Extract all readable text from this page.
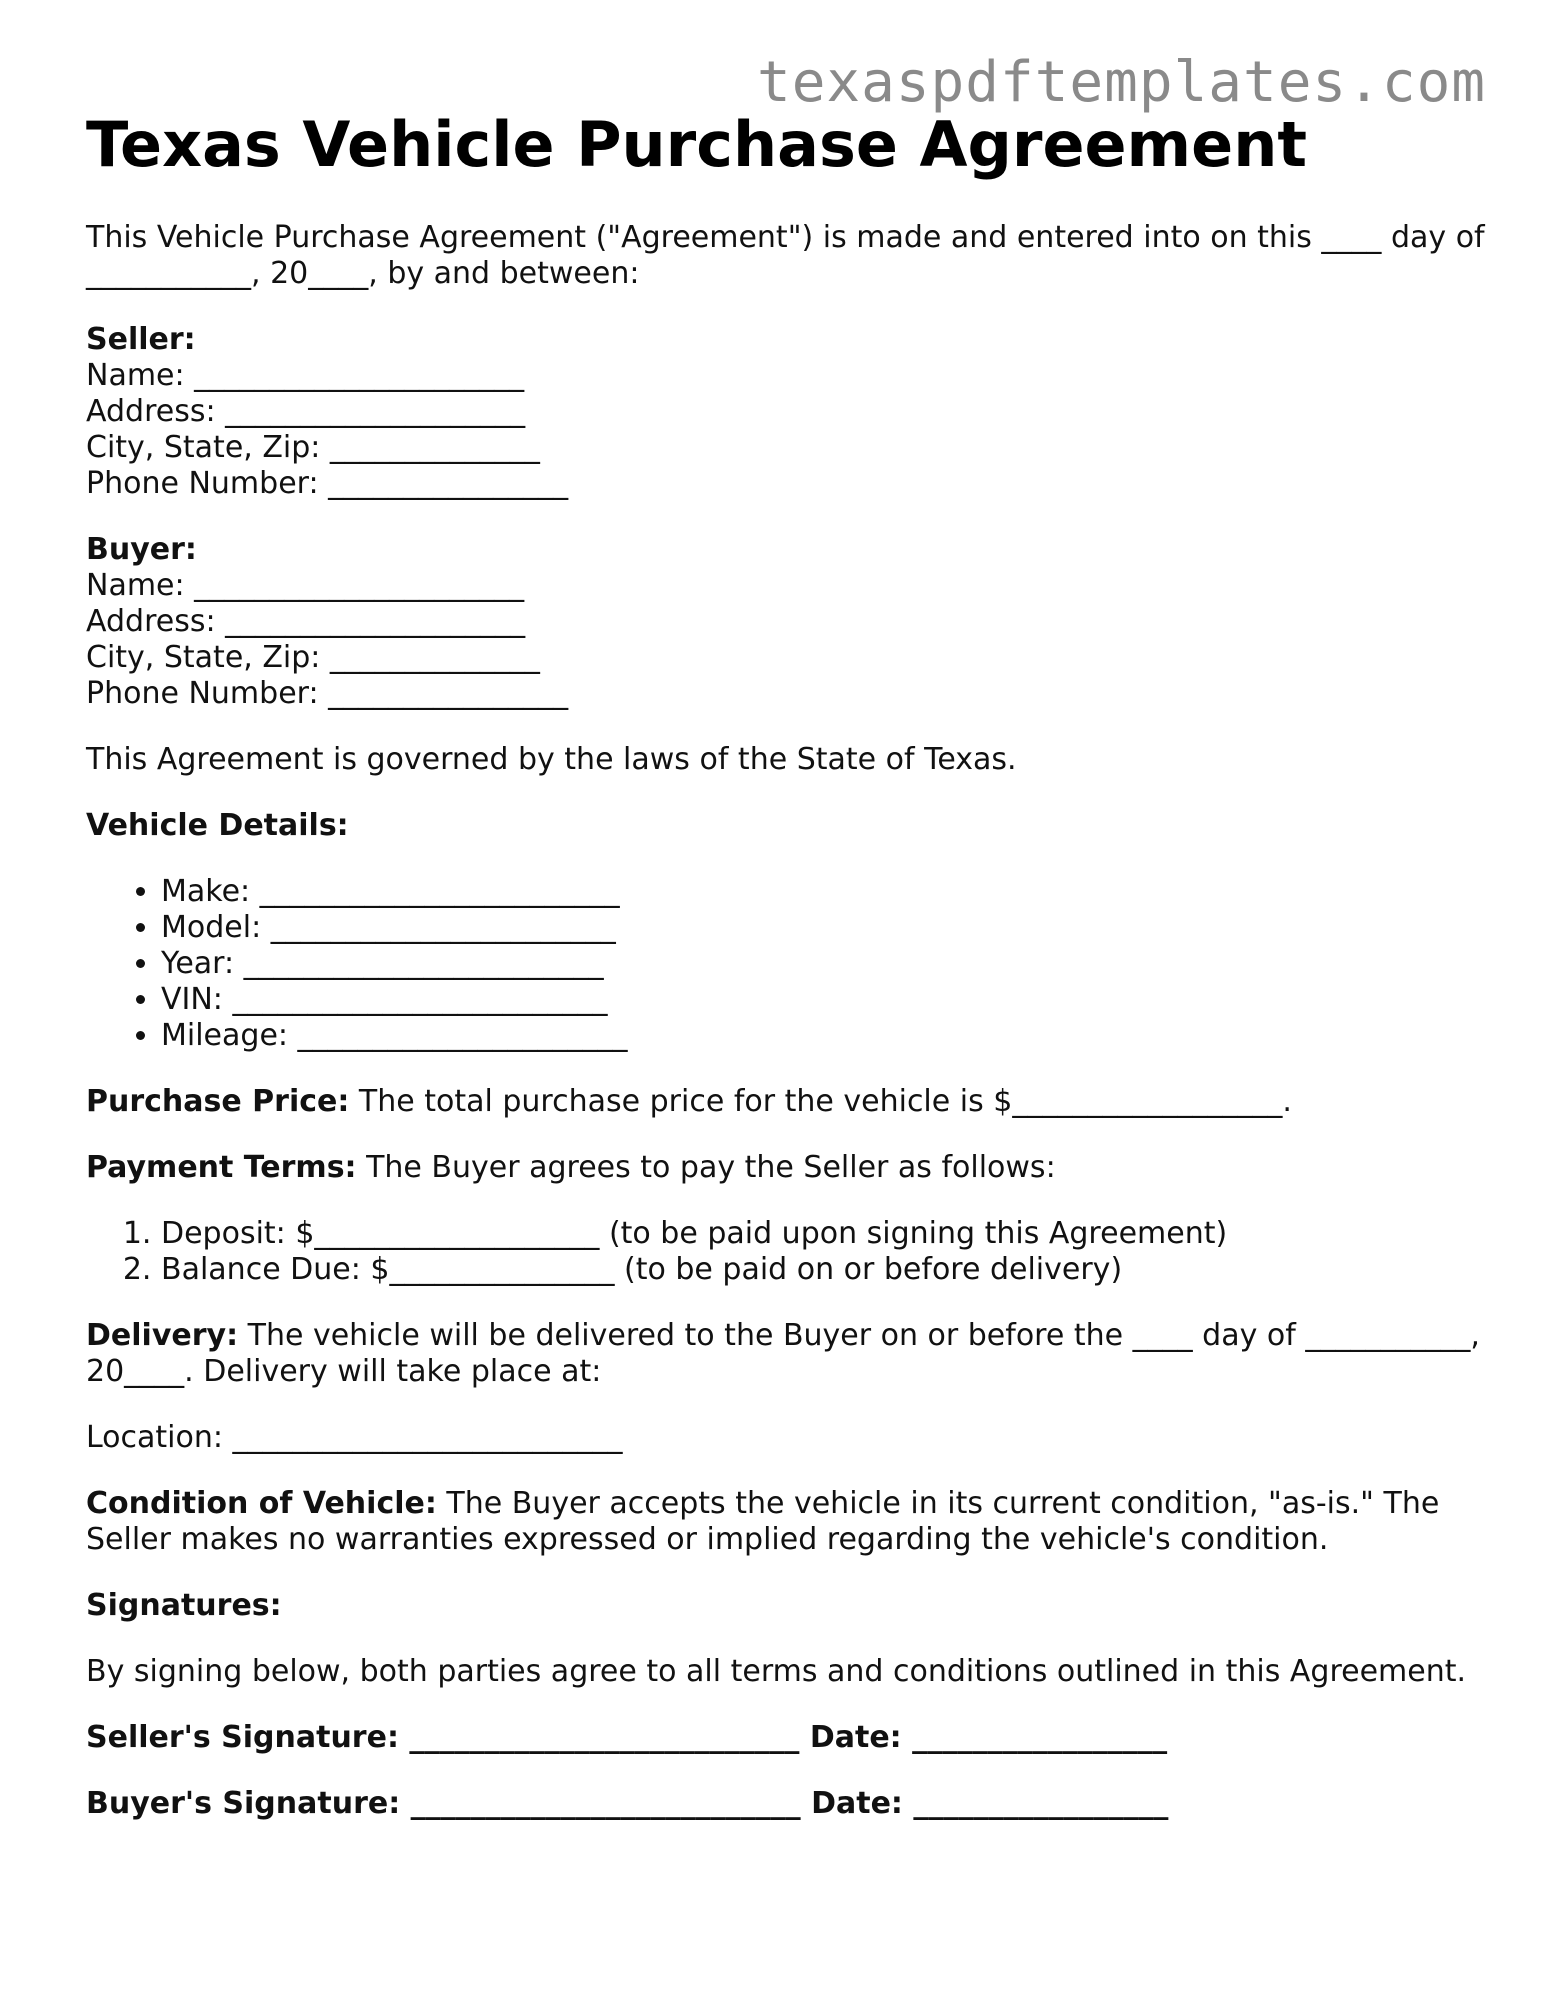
texaspdftemplates.com
Texas Vehicle Purchase Agreement

This Vehicle Purchase Agreement ("Agreement") is made and entered into on this ____ day of ___________, 20____, by and between:

Seller:
Name: ______________________
Address: ____________________
City, State, Zip: ______________
Phone Number: ________________
Buyer:
Name: ______________________
Address: ____________________
City, State, Zip: ______________
Phone Number: ________________

This Agreement is governed by the laws of the State of Texas.

Vehicle Details:

• Make: ________________________
• Model: _______________________
• Year: ________________________
• VIN: _________________________
• Mileage: ______________________

Purchase Price: The total purchase price for the vehicle is $__________________.

Payment Terms: The Buyer agrees to pay the Seller as follows:

1. Deposit: $___________________ (to be paid upon signing this Agreement)
2. Balance Due: $_______________ (to be paid on or before delivery)

Delivery: The vehicle will be delivered to the Buyer on or before the ____ day of ___________, 20____. Delivery will take place at:

Location: __________________________

Condition of Vehicle: The Buyer accepts the vehicle in its current condition, "as-is." The Seller makes no warranties expressed or implied regarding the vehicle's condition.

Signatures:

By signing below, both parties agree to all terms and conditions outlined in this Agreement.

Seller's Signature: __________________________ Date: _________________
Buyer's Signature: __________________________ Date: _________________
